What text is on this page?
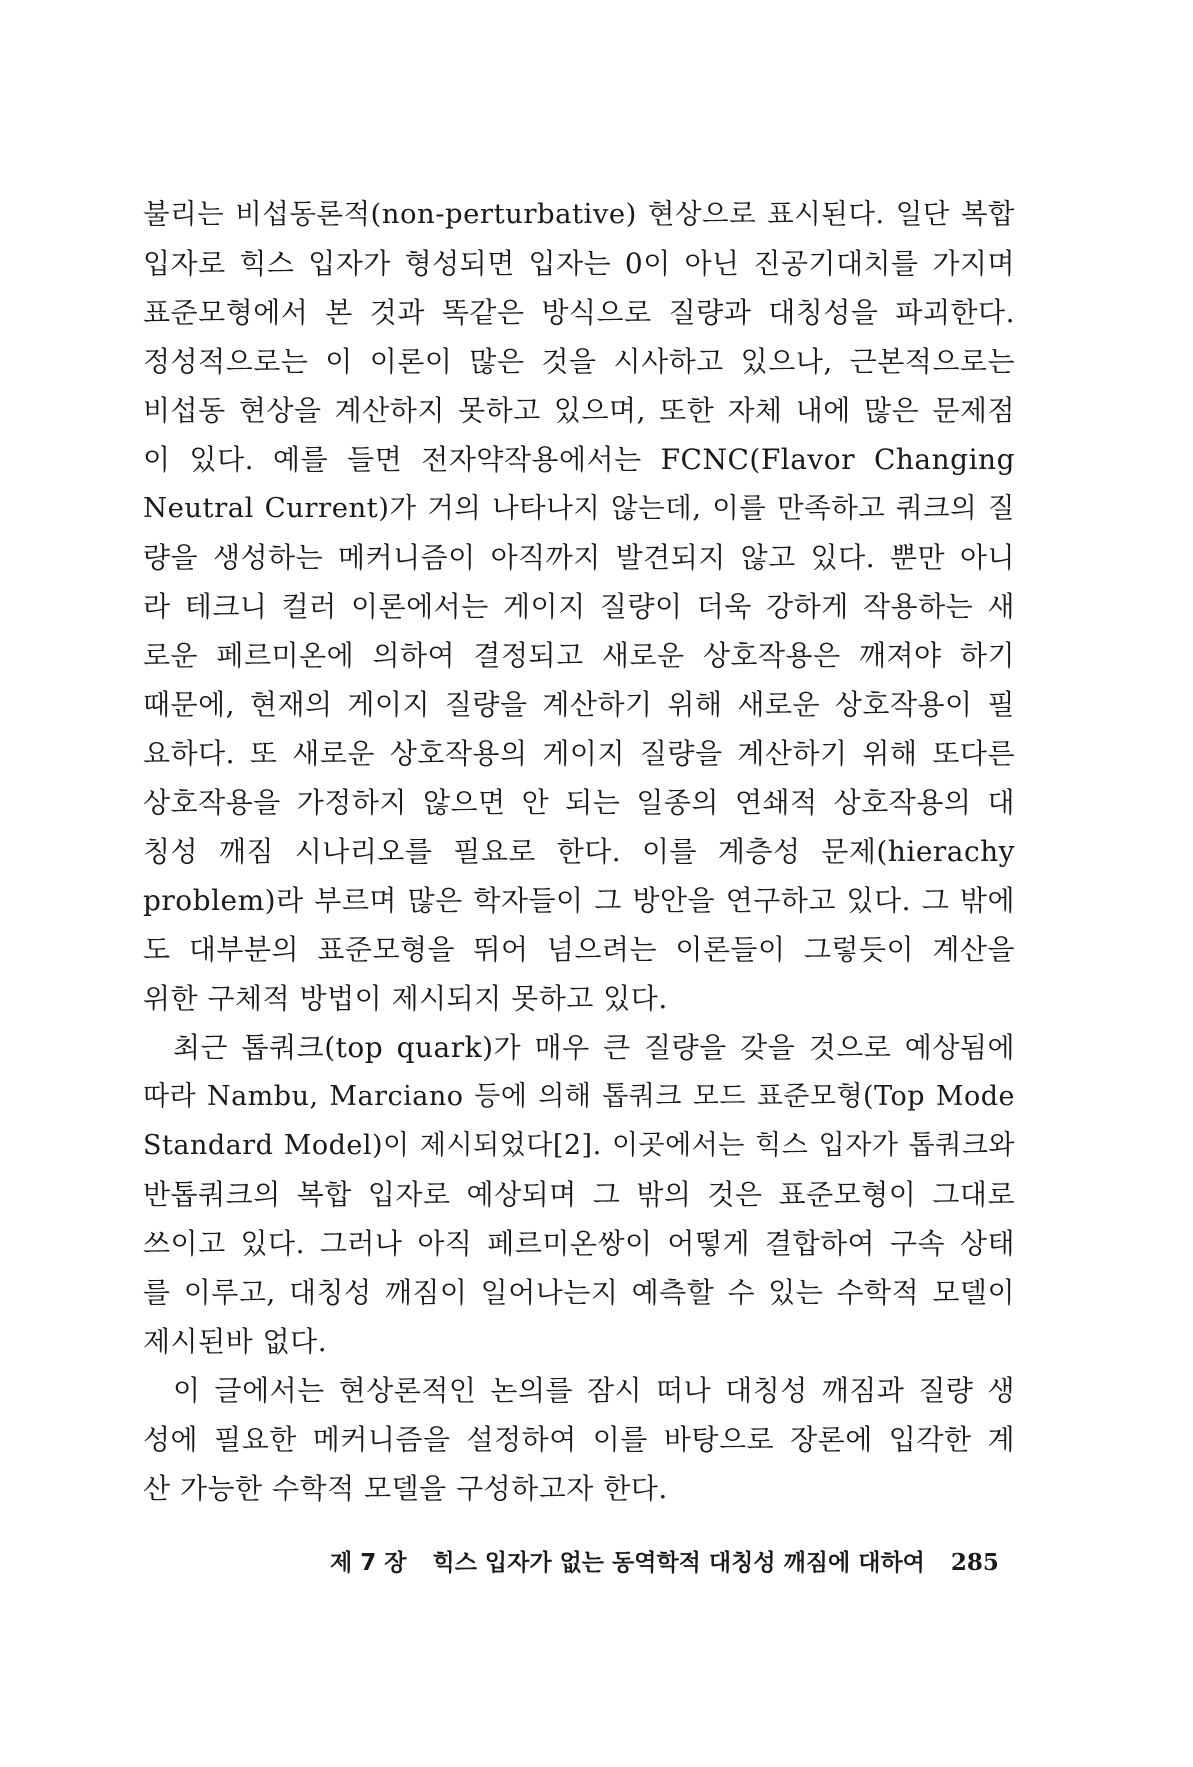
불리는 비섭동론적(non-perturbative) 현상으로 표시된다. 일단 복합
입자로 힉스 입자가 형성되면 입자는 0이 아닌 진공기대치를 가지며
표준모형에서 본 것과 똑같은 방식으로 질량과 대칭성을 파괴한다.
정성적으로는 이 이론이 많은 것을 시사하고 있으나, 근본적으로는
비섭동 현상을 계산하지 못하고 있으며, 또한 자체 내에 많은 문제점
이 있다. 예를 들면 전자약작용에서는 FCNC(Flavor Changing
Neutral Current)가 거의 나타나지 않는데, 이를 만족하고 쿼크의 질
량을 생성하는 메커니즘이 아직까지 발견되지 않고 있다. 뿐만 아니
라 테크니 컬러 이론에서는 게이지 질량이 더욱 강하게 작용하는 새
로운 페르미온에 의하여 결정되고 새로운 상호작용은 깨져야 하기
때문에, 현재의 게이지 질량을 계산하기 위해 새로운 상호작용이 필
요하다. 또 새로운 상호작용의 게이지 질량을 계산하기 위해 또다른
상호작용을 가정하지 않으면 안 되는 일종의 연쇄적 상호작용의 대
칭성 깨짐 시나리오를 필요로 한다. 이를 계층성 문제(hierachy
problem)라 부르며 많은 학자들이 그 방안을 연구하고 있다. 그 밖에
도 대부분의 표준모형을 뛰어 넘으려는 이론들이 그렇듯이 계산을
위한 구체적 방법이 제시되지 못하고 있다.
최근 톱쿼크(top quark)가 매우 큰 질량을 갖을 것으로 예상됨에
따라 Nambu, Marciano 등에 의해 톱쿼크 모드 표준모형(Top Mode
Standard Model)이 제시되었다[2]. 이곳에서는 힉스 입자가 톱쿼크와
반톱쿼크의 복합 입자로 예상되며 그 밖의 것은 표준모형이 그대로
쓰이고 있다. 그러나 아직 페르미온쌍이 어떻게 결합하여 구속 상태
를 이루고, 대칭성 깨짐이 일어나는지 예측할 수 있는 수학적 모델이
제시된바 없다.
이 글에서는 현상론적인 논의를 잠시 떠나 대칭성 깨짐과 질량 생
성에 필요한 메커니즘을 설정하여 이를 바탕으로 장론에 입각한 계
산 가능한 수학적 모델을 구성하고자 한다.
제 7 장 힉스 입자가 없는 동역학적 대칭성 깨짐에 대하여 285
